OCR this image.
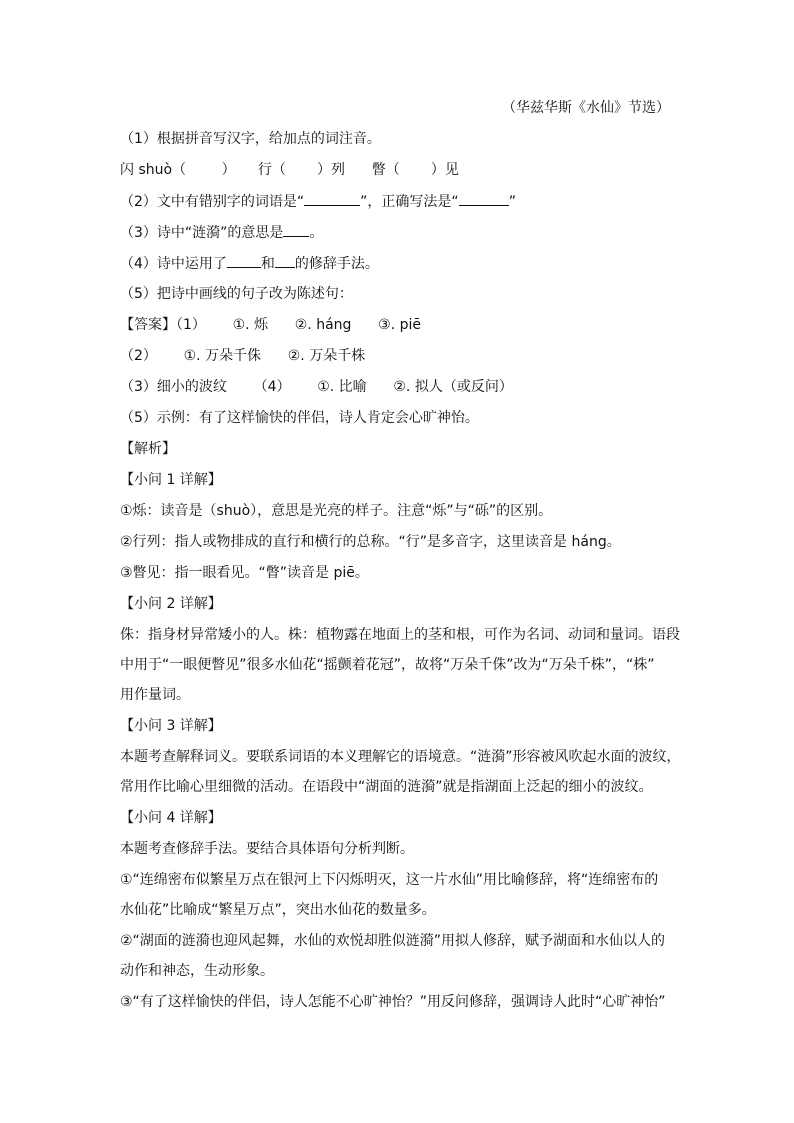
（华兹华斯《水仙》节选）
（1）根据拼音写汉字，给加点的词注音。
闪 shuò（        ）     行（       ）列      瞥（       ）见
（2）文中有错别字的词语是“	”，正确写法是“	”
（3）诗中“涟漪”的意思是 。
（4）诗中运用了 和 的修辞手法。
（5）把诗中画线的句子改为陈述句：
【答案】（1）      ①. 烁      ②. háng      ③. piē
（2）      ①. 万朵千侏      ②. 万朵千株
（3）细小的波纹      （4）      ①. 比喻      ②. 拟人（或反问）
（5）示例：有了这样愉快的伴侣，诗人肯定会心旷神怡。
【解析】
【小问 1 详解】
①烁：读音是（shuò），意思是光亮的样子。注意“烁”与“砾”的区别。
②行列：指人或物排成的直行和横行的总称。“行”是多音字，这里读音是 háng。
③瞥见：指一眼看见。“瞥”读音是 piē。
【小问 2 详解】
侏：指身材异常矮小的人。株：植物露在地面上的茎和根，可作为名词、动词和量词。语段
中用于“一眼便瞥见”很多水仙花“摇颤着花冠”，故将“万朵千侏”改为“万朵千株”，“株”
用作量词。
【小问 3 详解】
本题考查解释词义。要联系词语的本义理解它的语境意。“涟漪”形容被风吹起水面的波纹，
常用作比喻心里细微的活动。在语段中“湖面的涟漪”就是指湖面上泛起的细小的波纹。
【小问 4 详解】
本题考查修辞手法。要结合具体语句分析判断。
①“连绵密布似繁星万点在银河上下闪烁明灭，这一片水仙”用比喻修辞，将“连绵密布的
水仙花”比喻成“繁星万点”，突出水仙花的数量多。
②“湖面的涟漪也迎风起舞，水仙的欢悦却胜似涟漪”用拟人修辞，赋予湖面和水仙以人的
动作和神态，生动形象。
③“有了这样愉快的伴侣，诗人怎能不心旷神怡？”用反问修辞，强调诗人此时“心旷神怡”
